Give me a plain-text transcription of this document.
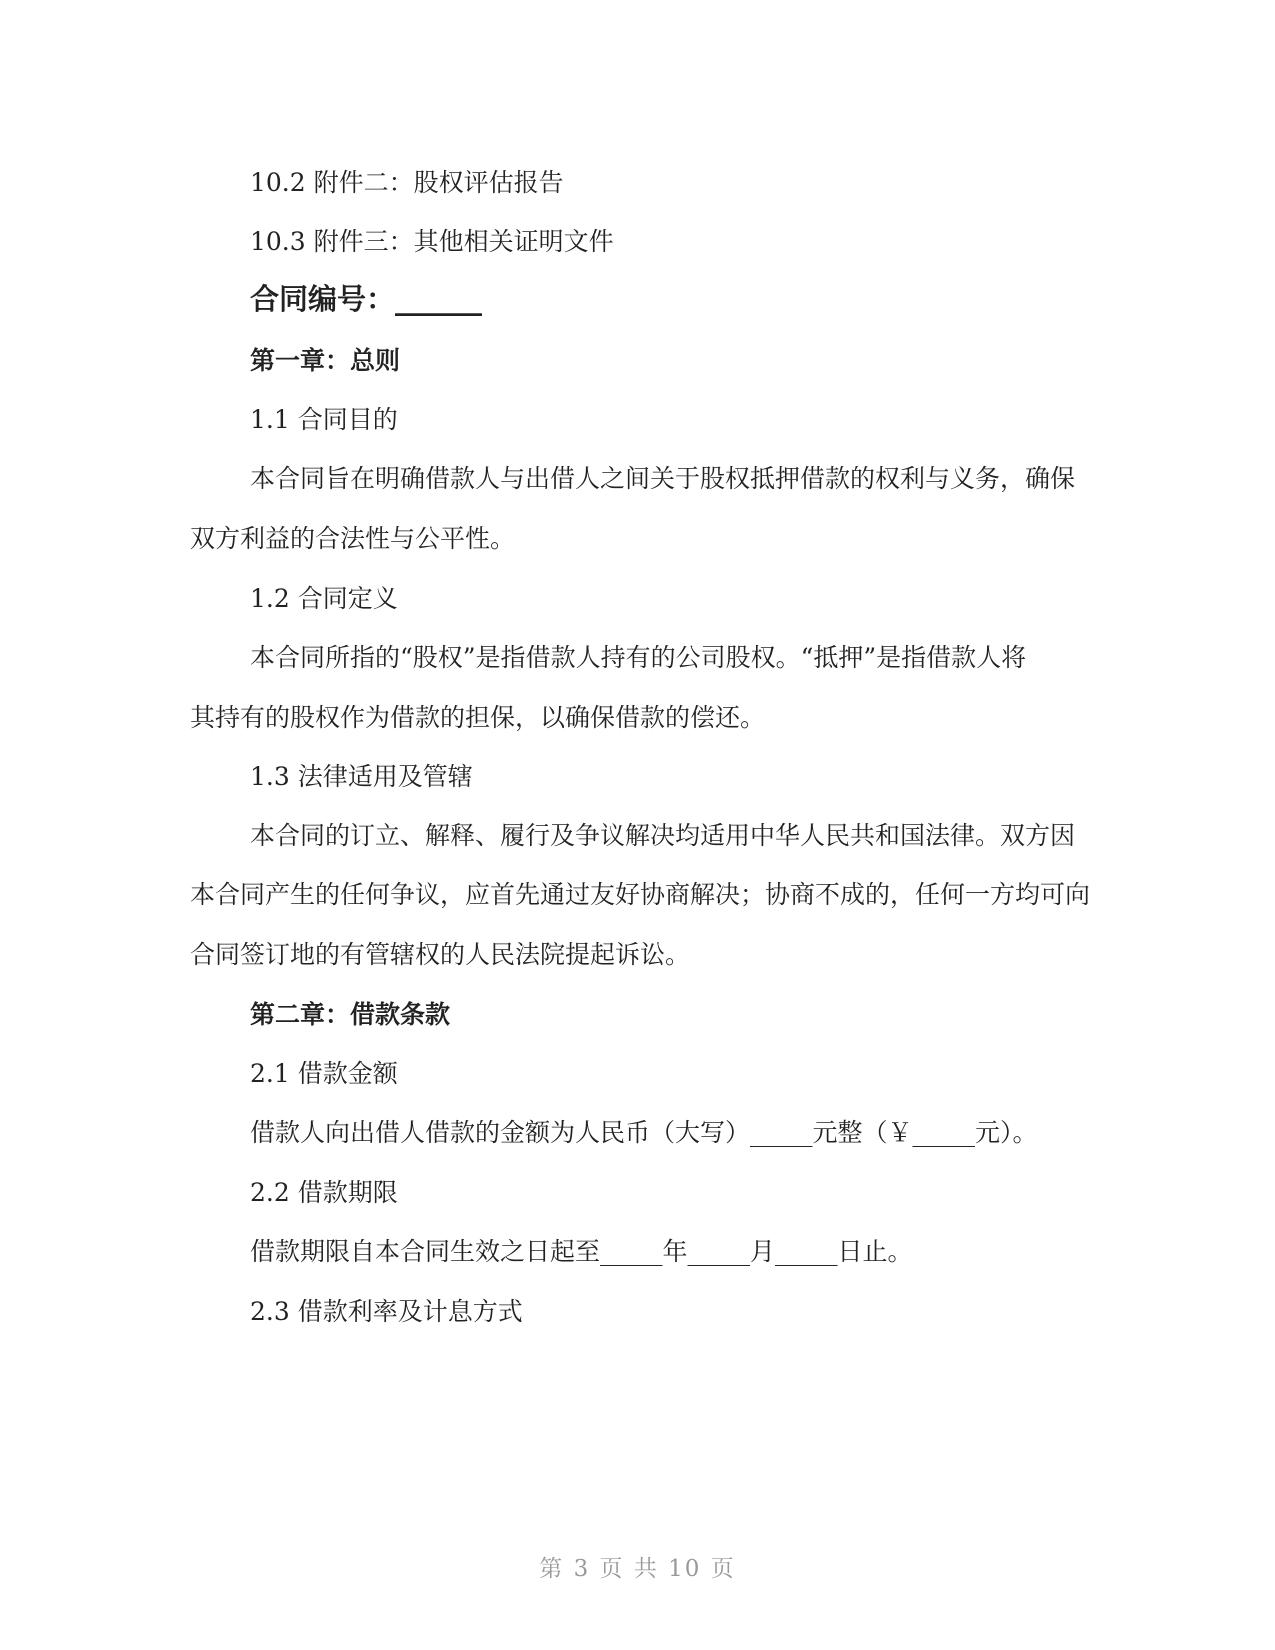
10.2 附件二：股权评估报告
10.3 附件三：其他相关证明文件
合同编号：______
第一章：总则
1.1 合同目的
本合同旨在明确借款人与出借人之间关于股权抵押借款的权利与义务，确保
双方利益的合法性与公平性。
1.2 合同定义
本合同所指的“股权”是指借款人持有的公司股权。“抵押”是指借款人将
其持有的股权作为借款的担保，以确保借款的偿还。
1.3 法律适用及管辖
本合同的订立、解释、履行及争议解决均适用中华人民共和国法律。双方因
本合同产生的任何争议，应首先通过友好协商解决；协商不成的，任何一方均可向
合同签订地的有管辖权的人民法院提起诉讼。
第二章：借款条款
2.1 借款金额
借款人向出借人借款的金额为人民币（大写）_____元整（￥_____元）。
2.2 借款期限
借款期限自本合同生效之日起至_____年_____月_____日止。
2.3 借款利率及计息方式
第 3 页 共 10 页
